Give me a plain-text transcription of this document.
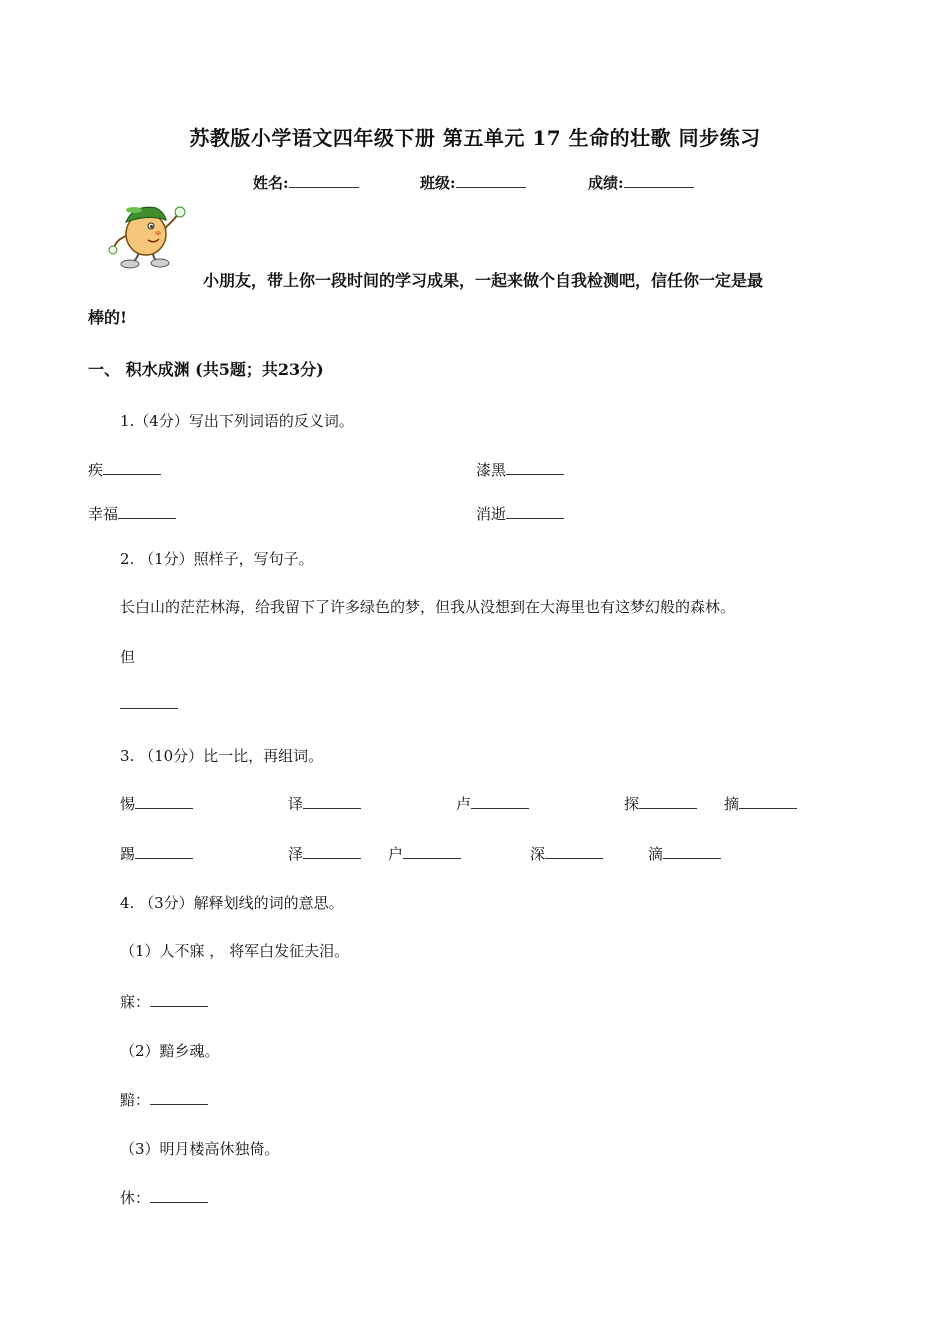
苏教版小学语文四年级下册 第五单元 17 生命的壮歌 同步练习
姓名:	班级:	成绩:
小朋友，带上你一段时间的学习成果，一起来做个自我检测吧，信任你一定是最
棒的!
一、 积水成渊 (共5题；共23分)
1.（4分）写出下列词语的反义词。
疾	漆黑
幸福	消逝
2. （1分）照样子，写句子。
长白山的茫茫林海，给我留下了许多绿色的梦，但我从没想到在大海里也有这梦幻般的森林。
但
3. （10分）比一比，再组词。
惕	译	卢	探	摘
踢	泽	户	深	滴
4. （3分）解释划线的词的意思。
（1）人不寐 ， 将军白发征夫泪。
寐：
（2）黯乡魂。
黯：
（3）明月楼高休独倚。
休：
